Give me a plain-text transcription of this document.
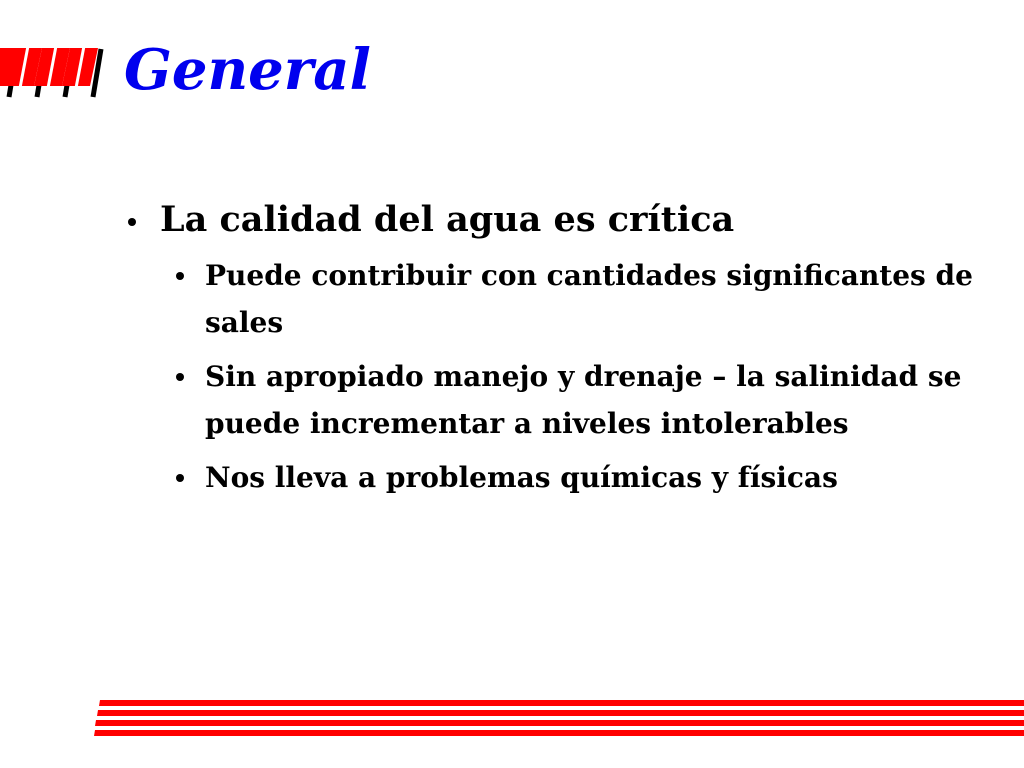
General
La calidad del agua es crítica
Puede contribuir con cantidades significantes de sales
Sin apropiado manejo y drenaje – la salinidad se puede incrementar a niveles intolerables
Nos lleva a problemas químicas y físicas
